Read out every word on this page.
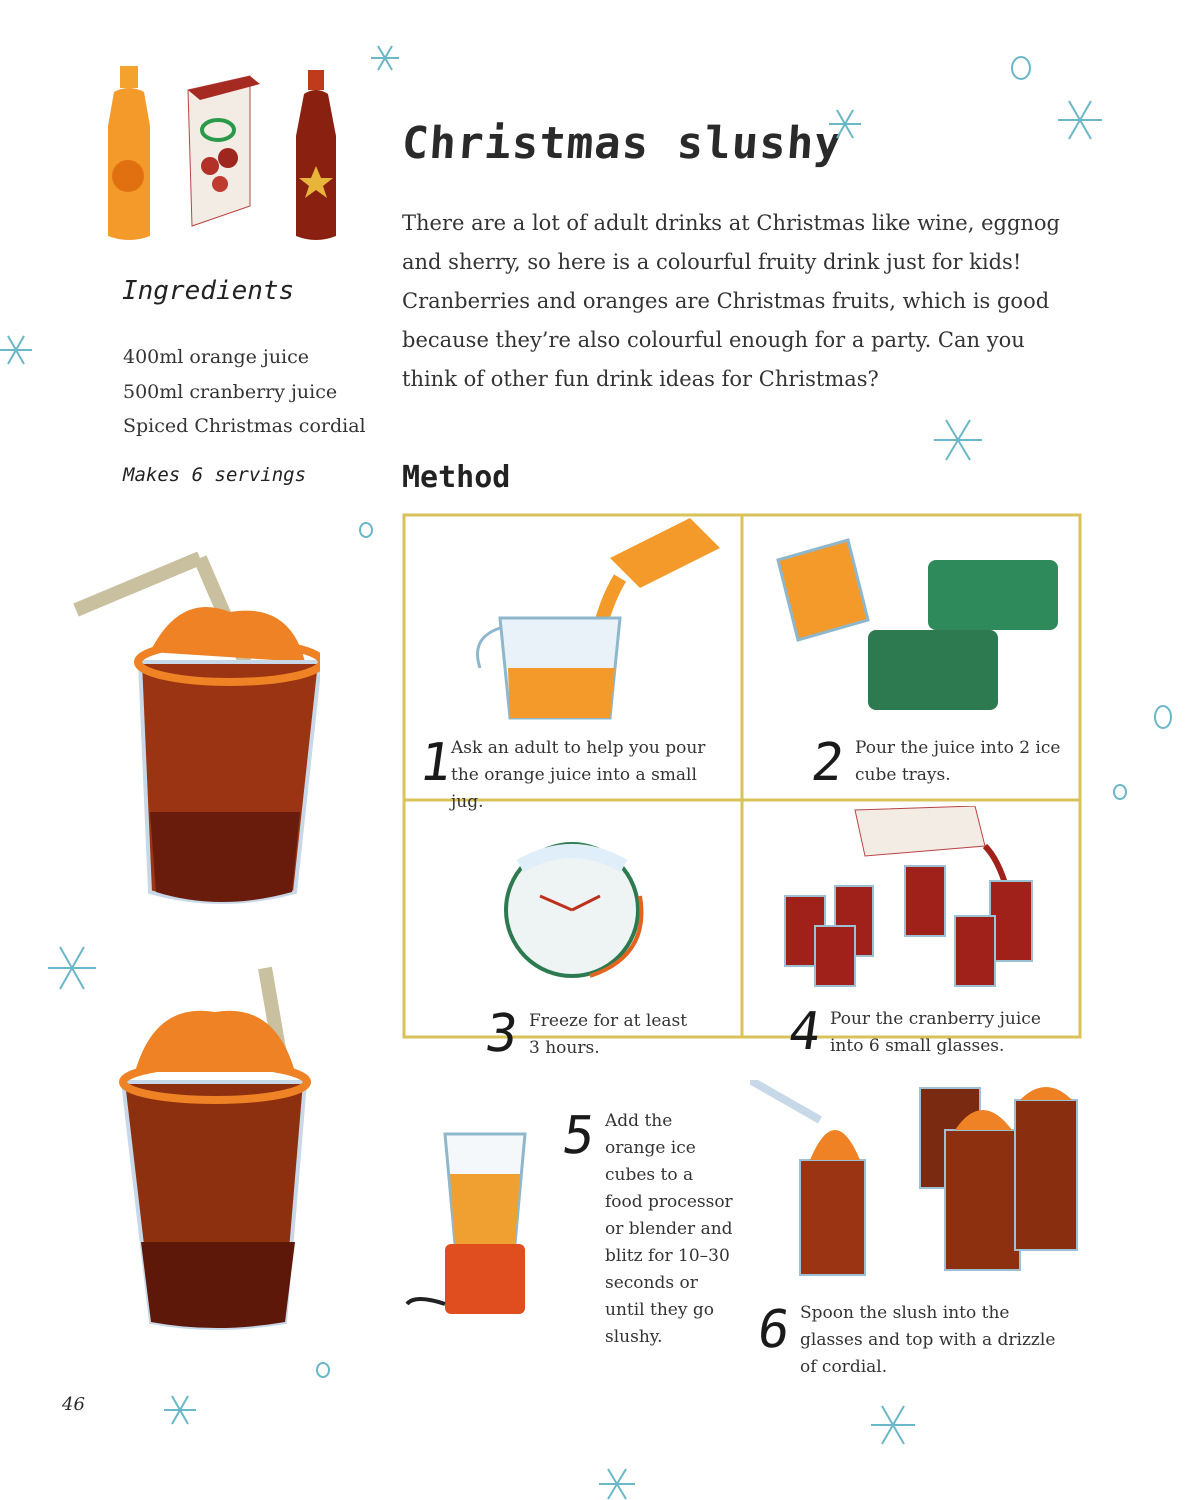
Christmas slushy
There are a lot of adult drinks at Christmas like wine, eggnog and sherry, so here is a colourful fruity drink just for kids! Cranberries and oranges are Christmas fruits, which is good because they’re also colourful enough for a party. Can you think of other fun drink ideas for Christmas?
Ingredients
400ml orange juice
500ml cranberry juice
Spiced Christmas cordial
Makes 6 servings	Method
1
Ask an adult to help you pour the orange juice into a small jug.
2 Pour the juice into 2 ice cube trays.
3 Freeze for at least 3 hours.	4 Pour the cranberry juice into 6 small glasses.
5 Add the orange ice cubes to a food processor or blender and blitz for 10–30 seconds or until they go slushy.	6 Spoon the slush into the glasses and top with a drizzle of cordial.
46
